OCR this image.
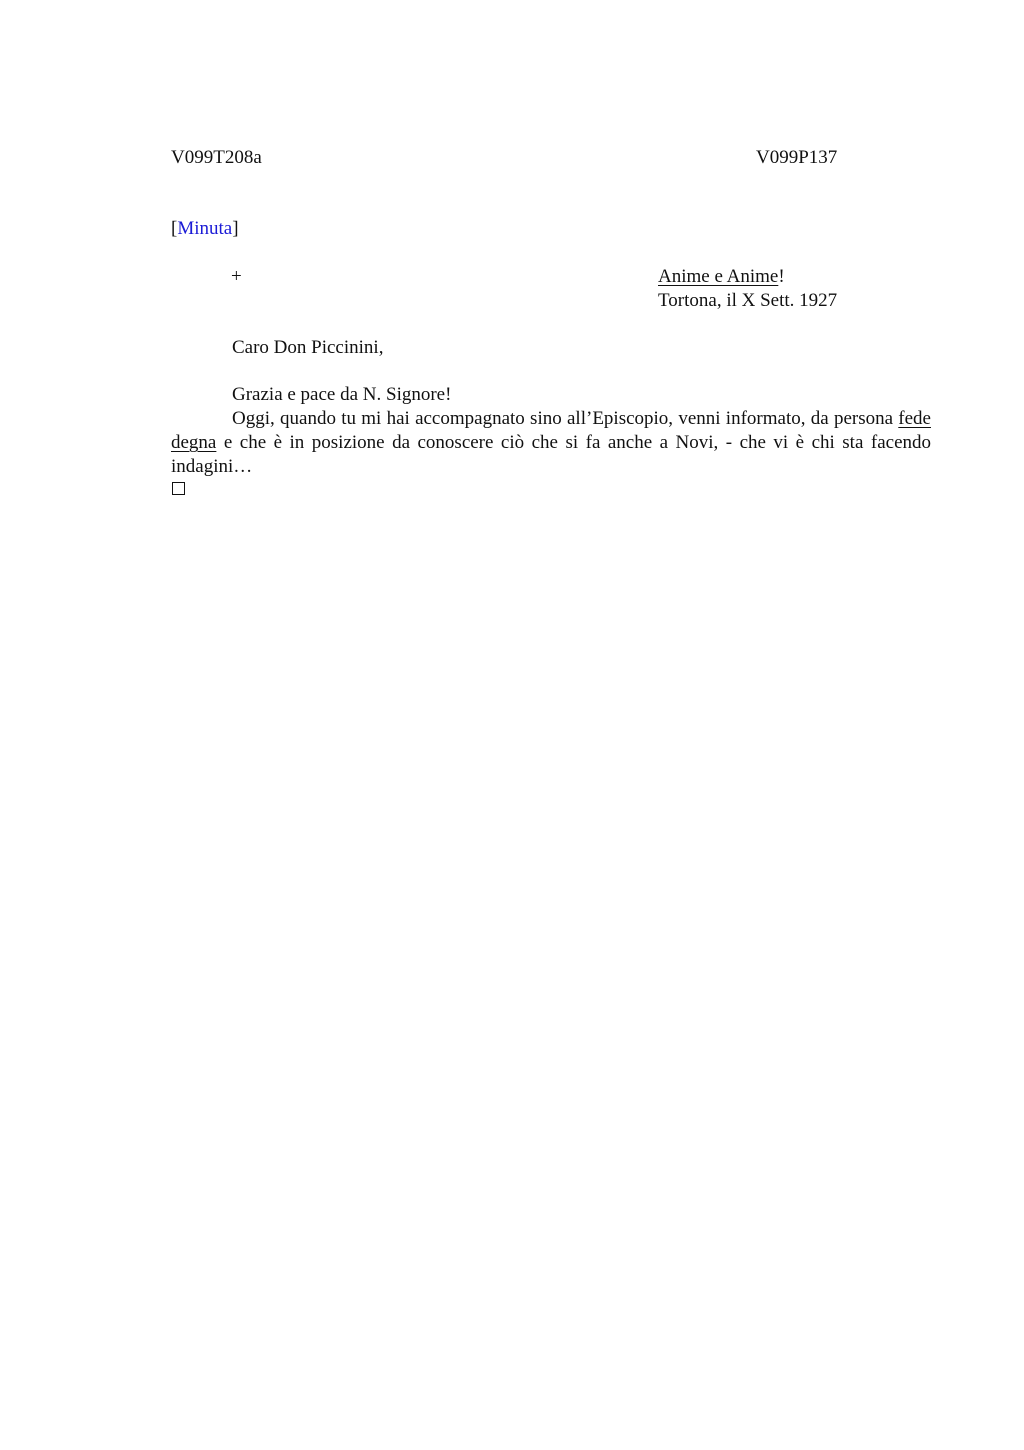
V099T208a	V099P137
[Minuta]
+	Anime e Anime!
Tortona, il X Sett. 1927
Caro Don Piccinini,
Grazia e pace da N. Signore!
Oggi, quando tu mi hai accompagnato sino all’Episcopio, venni informato, da persona fede degna e che è in posizione da conoscere ciò che si fa anche a Novi, - che vi è chi sta facendo indagini…
